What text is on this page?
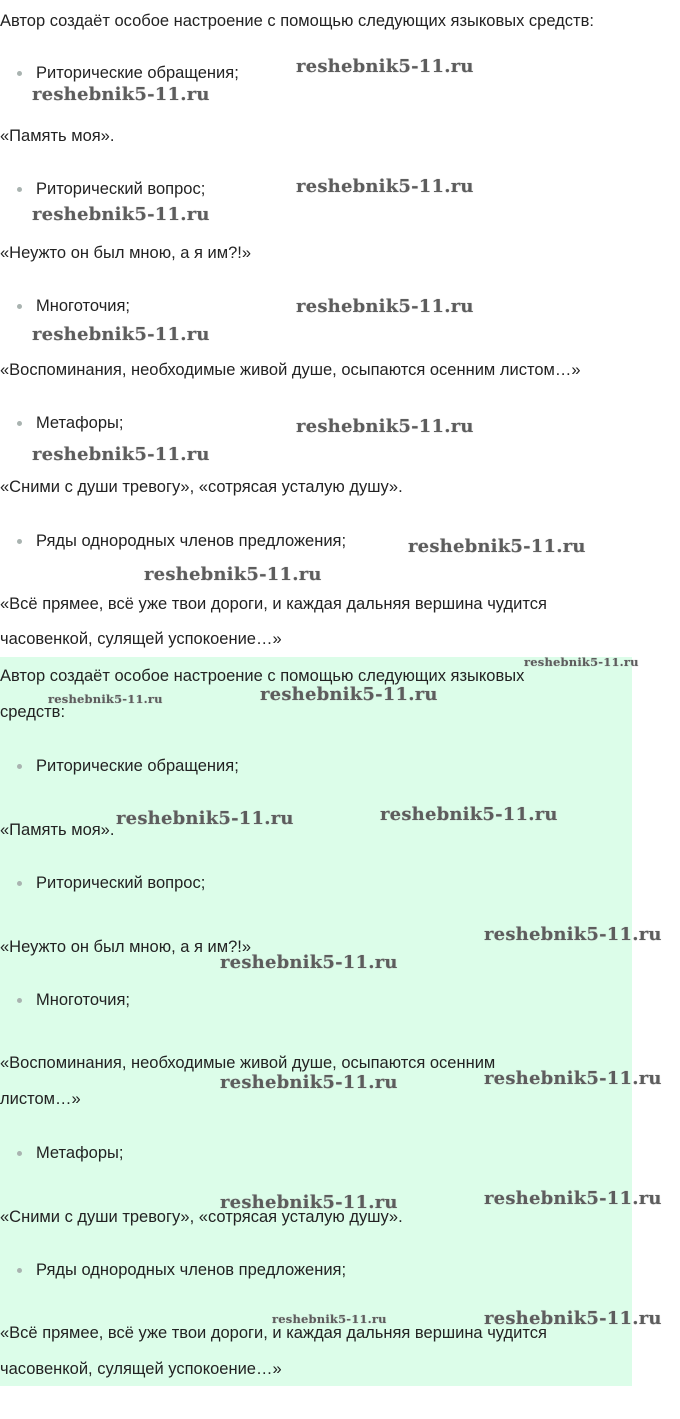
Автор создаёт особое настроение с помощью следующих языковых средств:

Риторические обращения;

«Память моя».

Риторический вопрос;

«Неужто он был мною, а я им?!»

Многоточия;

«Воспоминания, необходимые живой душе, осыпаются осенним листом…»

Метафоры;

«Сними с души тревогу», «сотрясая усталую душу».

Ряды однородных членов предложения;

«Всё прямее, всё уже твои дороги, и каждая дальняя вершина чудится

часовенкой, сулящей успокоение…»

Автор создаёт особое настроение с помощью следующих языковых

средств:

Риторические обращения;

«Память моя».

Риторический вопрос;

«Неужто он был мною, а я им?!»

Многоточия;

«Воспоминания, необходимые живой душе, осыпаются осенним

листом…»

Метафоры;

«Сними с души тревогу», «сотрясая усталую душу».

Ряды однородных членов предложения;

«Всё прямее, всё уже твои дороги, и каждая дальняя вершина чудится

часовенкой, сулящей успокоение…»

reshebnik5-11.ru
reshebnik5-11.ru
reshebnik5-11.ru
reshebnik5-11.ru
reshebnik5-11.ru
reshebnik5-11.ru
reshebnik5-11.ru
reshebnik5-11.ru
reshebnik5-11.ru
reshebnik5-11.ru
reshebnik5-11.ru
reshebnik5-11.ru
reshebnik5-11.ru
reshebnik5-11.ru	reshebnik5-11.ru
reshebnik5-11.ru
reshebnik5-11.ru
reshebnik5-11.ru
reshebnik5-11.ru
reshebnik5-11.ru	reshebnik5-11.ru
reshebnik5-11.ru	reshebnik5-11.ru
